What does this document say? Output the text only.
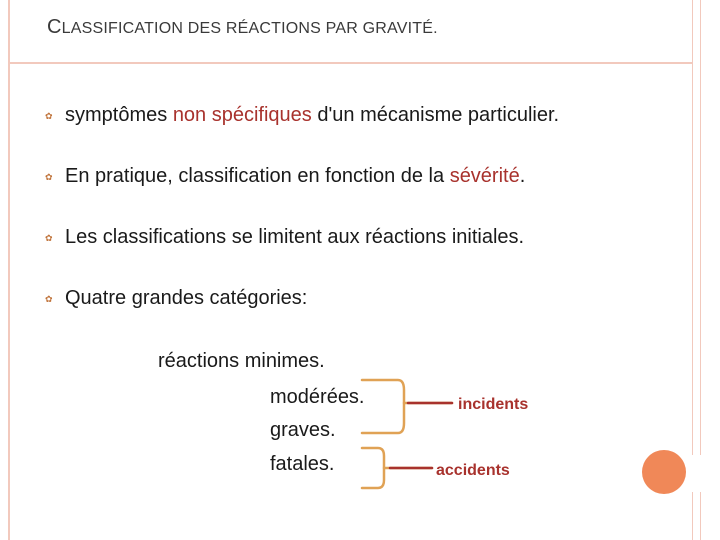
CLASSIFICATION DES RÉACTIONS PAR GRAVITÉ.
✿ symptômes non spécifiques d'un mécanisme particulier.
✿ En pratique, classification en fonction de la sévérité.
✿ Les classifications se limitent aux réactions initiales.
✿ Quatre grandes catégories:
réactions minimes.
modérées.
graves.
fatales.
incidents
accidents
